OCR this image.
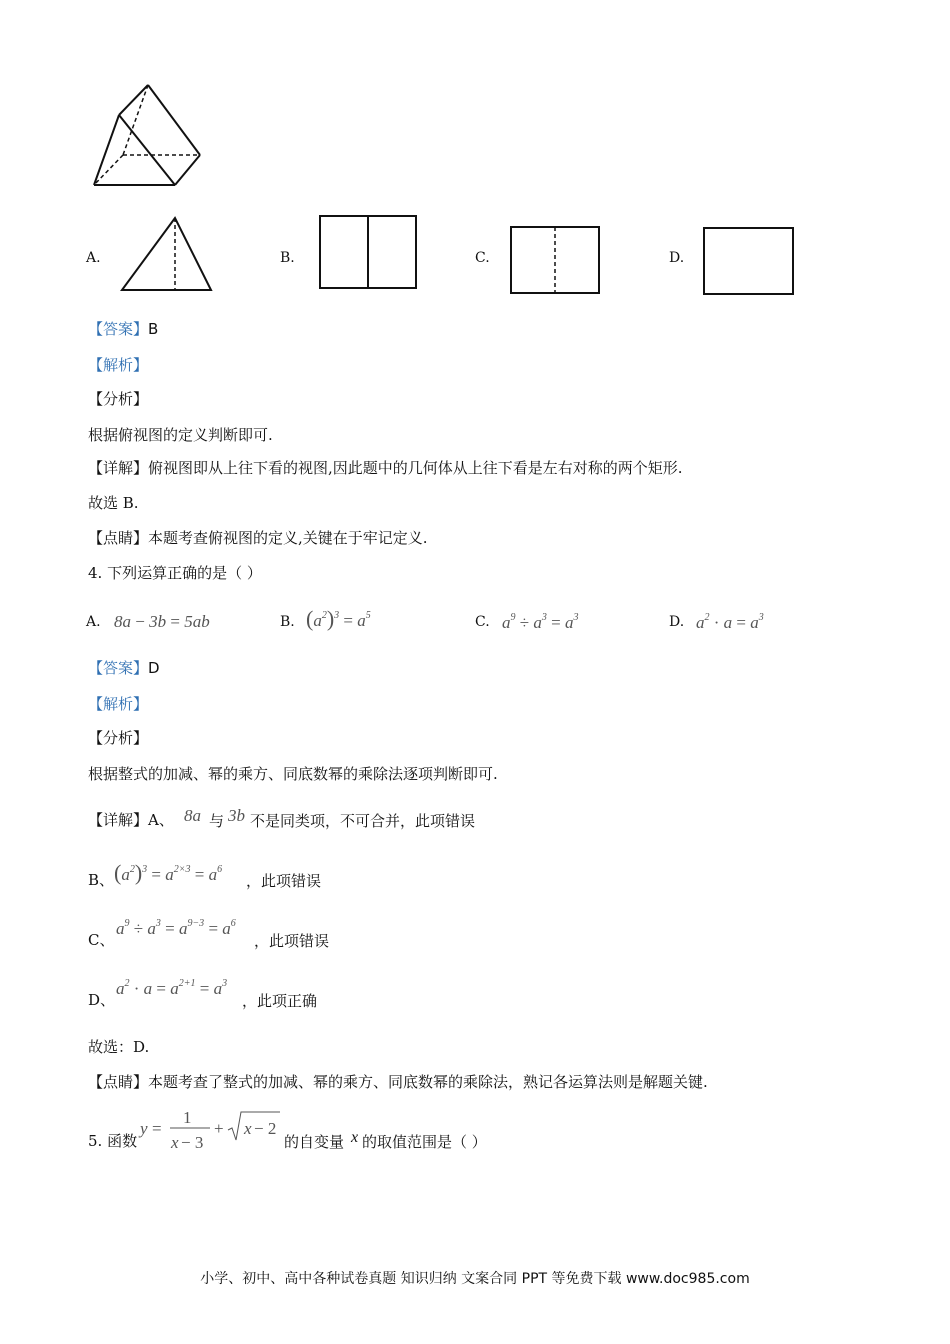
A.	B.	C.	D.
【答案】B
【解析】
【分析】
根据俯视图的定义判断即可.
【详解】俯视图即从上往下看的视图,因此题中的几何体从上往下看是左右对称的两个矩形.
故选 B.
【点睛】本题考查俯视图的定义,关键在于牢记定义.
4. 下列运算正确的是（ ）
A. 8a − 3b = 5ab	B. $(a^2)^3 = a^5$	C. $a^9 \div a^3 = a^3$	D. $a^2 \cdot a = a^3$
【答案】D
【解析】
【分析】
根据整式的加减、幂的乘方、同底数幂的乘除法逐项判断即可.
【详解】A、 8a 与 3b 不是同类项，不可合并，此项错误
B、 $(a^2)^3 = a^{2\times 3} = a^6$
，此项错误
C、
$a^9 \div a^3 = a^{9-3} = a^6$
，此项错误
D、
$a^2 \cdot a = a^{2+1} = a^3$
，此项正确
故选：D.
【点睛】本题考查了整式的加减、幂的乘方、同底数幂的乘除法，熟记各运算法则是解题关键.
5. 函数
y =
1
x − 3
+ x − 2
的自变量 x 的取值范围是（ ）
小学、初中、高中各种试卷真题 知识归纳 文案合同 PPT 等免费下载 www.doc985.com
